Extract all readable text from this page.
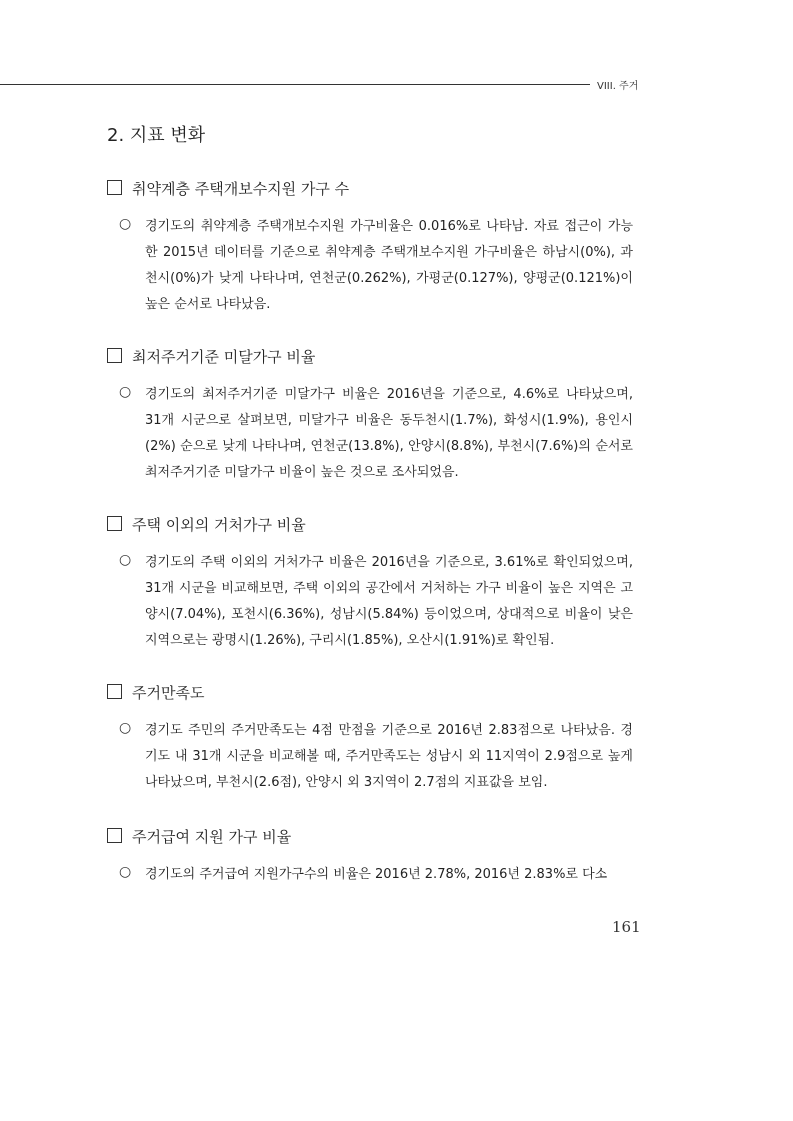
VIII. 주거
2. 지표 변화
취약계층 주택개보수지원 가구 수
○ 경기도의 취약계층 주택개보수지원 가구비율은 0.016%로 나타남. 자료 접근이 가능한 2015년 데이터를 기준으로 취약계층 주택개보수지원 가구비율은 하남시(0%), 과천시(0%)가 낮게 나타나며, 연천군(0.262%), 가평군(0.127%), 양평군(0.121%)이 높은 순서로 나타났음.
최저주거기준 미달가구 비율
○ 경기도의 최저주거기준 미달가구 비율은 2016년을 기준으로, 4.6%로 나타났으며, 31개 시군으로 살펴보면, 미달가구 비율은 동두천시(1.7%), 화성시(1.9%), 용인시(2%) 순으로 낮게 나타나며, 연천군(13.8%), 안양시(8.8%), 부천시(7.6%)의 순서로 최저주거기준 미달가구 비율이 높은 것으로 조사되었음.
주택 이외의 거처가구 비율
○ 경기도의 주택 이외의 거처가구 비율은 2016년을 기준으로, 3.61%로 확인되었으며, 31개 시군을 비교해보면, 주택 이외의 공간에서 거처하는 가구 비율이 높은 지역은 고양시(7.04%), 포천시(6.36%), 성남시(5.84%) 등이었으며, 상대적으로 비율이 낮은 지역으로는 광명시(1.26%), 구리시(1.85%), 오산시(1.91%)로 확인됨.
주거만족도
○ 경기도 주민의 주거만족도는 4점 만점을 기준으로 2016년 2.83점으로 나타났음. 경기도 내 31개 시군을 비교해볼 때, 주거만족도는 성남시 외 11지역이 2.9점으로 높게 나타났으며, 부천시(2.6점), 안양시 외 3지역이 2.7점의 지표값을 보임.
주거급여 지원 가구 비율
○ 경기도의 주거급여 지원가구수의 비율은 2016년 2.78%, 2016년 2.83%로 다소
161
